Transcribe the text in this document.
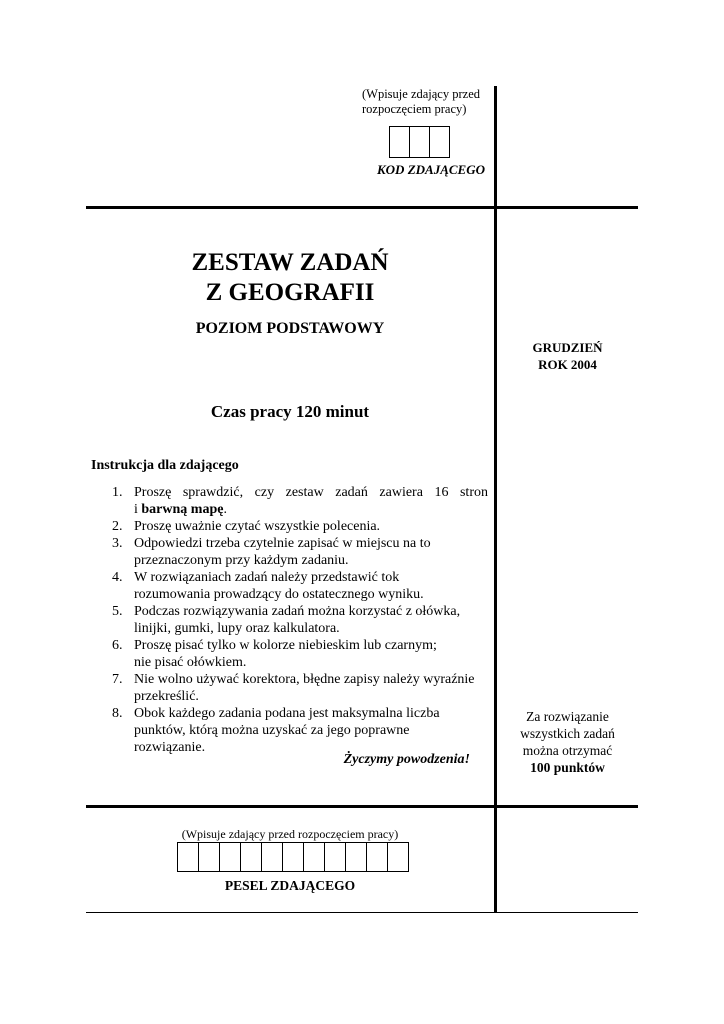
(Wpisuje zdający przed
rozpoczęciem pracy)
KOD ZDAJĄCEGO
ZESTAW ZADAŃ
Z GEOGRAFII
POZIOM PODSTAWOWY
GRUDZIEŃ
ROK 2004
Czas pracy 120 minut
Instrukcja dla zdającego
1. Proszę sprawdzić, czy zestaw zadań zawiera 16 stron
i barwną mapę.
2. Proszę uważnie czytać wszystkie polecenia.
3. Odpowiedzi trzeba czytelnie zapisać w miejscu na to
przeznaczonym przy każdym zadaniu.
4. W rozwiązaniach zadań należy przedstawić tok
rozumowania prowadzący do ostatecznego wyniku.
5. Podczas rozwiązywania zadań można korzystać z ołówka,
linijki, gumki, lupy oraz kalkulatora.
6. Proszę pisać tylko w kolorze niebieskim lub czarnym;
nie pisać ołówkiem.
7. Nie wolno używać korektora, błędne zapisy należy wyraźnie
przekreślić.
8. Obok każdego zadania podana jest maksymalna liczba
punktów, którą można uzyskać za jego poprawne
rozwiązanie.
Życzymy powodzenia!
Za rozwiązanie
wszystkich zadań
można otrzymać
100 punktów
(Wpisuje zdający przed rozpoczęciem pracy)
PESEL ZDAJĄCEGO
